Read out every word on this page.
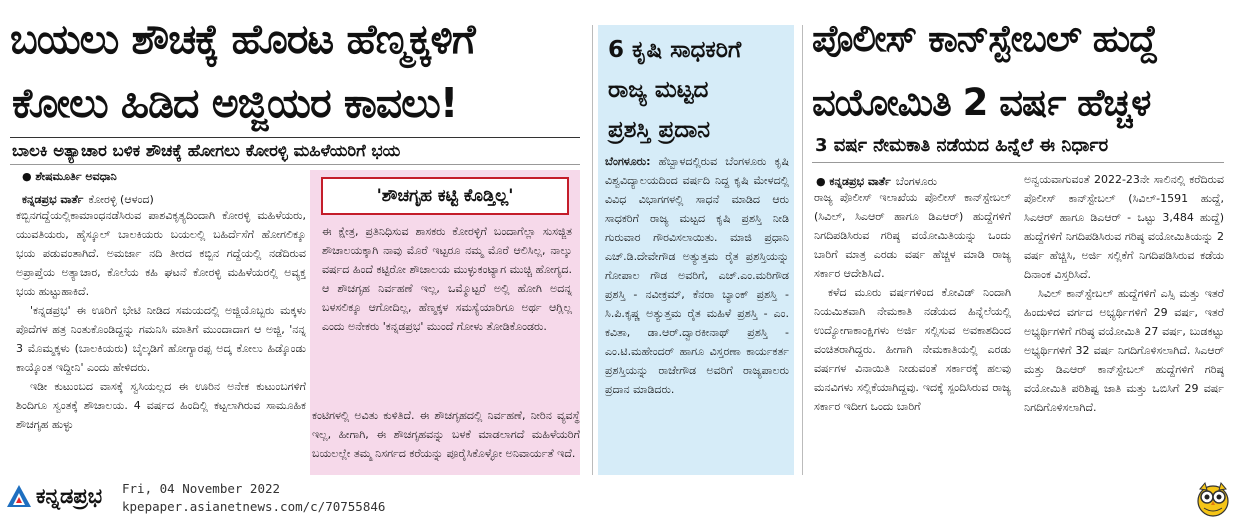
ಬಯಲು ಶೌಚಕ್ಕೆ ಹೊರಟ ಹೆಣ್ಮಕ್ಕಳಿಗೆ
ಕೋಲು ಹಿಡಿದ ಅಜ್ಜಿಯರ ಕಾವಲು!
ಬಾಲಕಿ ಅತ್ಯಾಚಾರ ಬಳಿಕ ಶೌಚಕ್ಕೆ ಹೋಗಲು ಕೋರಳ್ಳಿ ಮಹಿಳೆಯರಿಗೆ ಭಯ
● ಶೇಷಮೂರ್ತಿ ಅವಧಾನಿ
ಕನ್ನಡಪ್ರಭ ವಾರ್ತೆ ಕೋರಳ್ಳಿ (ಆಳಂದ)

ಕಬ್ಬಿನಗದ್ದೆಯಲ್ಲಿಕಾಮಾಂಧನಡೆಸಿರುವ ಪಾಶವಿಕೃತ್ಯದಿಂದಾಗಿ ಕೋರಳ್ಳಿ ಮಹಿಳೆಯರು, ಯುವತಿಯರು, ಹೈಸ್ಕೂಲ್ ಬಾಲಕಿಯರು ಬಯಲಲ್ಲಿ ಬಹಿರ್ದೆಸೆಗೆ ಹೋಗಲಿಕ್ಕೂ ಭಯ ಪಡುವಂತಾಗಿದೆ. ಅಮರ್ಜಾ ನದಿ ತೀರದ ಕಬ್ಬಿನ ಗದ್ದೆಯಲ್ಲಿ ನಡೆದಿರುವ ಅಪ್ರಾಪ್ತೆಯ ಅತ್ಯಾಚಾರ, ಕೊಲೆಯ ಕಹಿ ಘಟನೆ ಕೋರಳ್ಳಿ ಮಹಿಳೆಯರಲ್ಲಿ ಅವ್ಯಕ್ತ ಭಯ ಹುಟ್ಟುಹಾಕಿದೆ.

'ಕನ್ನಡಪ್ರಭ' ಈ ಊರಿಗೆ ಭೇಟಿ ನೀಡಿದ ಸಮಯದಲ್ಲಿ ಅಜ್ಜಿಯೊಬ್ಬರು ಮಕ್ಕಳು ಪೊದೆಗಳ ಹತ್ರ ನಿಂತುಕೊಂಡಿದ್ದನ್ನು ಗಮನಿಸಿ ಮಾತಿಗೆ ಮುಂದಾದಾಗ ಆ ಅಜ್ಜಿ, 'ನನ್ನ 3 ಮೊಮ್ಮಕ್ಕಳು (ಬಾಲಕಿಯರು) ಬೈಲ್ಕಡಿಗೆ ಹೋಗ್ಯಾರಪ್ಪ ಅದ್ಕ ಕೋಲು ಹಿಡ್ಕೊಂಡು ಕಾಯ್ಕೊಂತ ಇದ್ದೀನಿ' ಎಂದು ಹೇಳಿದರು.

ಇಡೀ ಕುಟುಂಬದ ವಾಸಕ್ಕೆ ಸ್ವಸಿಯಲ್ಲದ ಈ ಊರಿನ ಅನೇಕ ಕುಟುಂಬಗಳಿಗೆ ಶಿಂದಿಗೂ ಸ್ವಂತಕ್ಕೆ ಶೌಚಾಲಯ. 4 ವರ್ಷದ ಹಿಂದಿಲ್ಲಿ ಕಟ್ಟಲಾಗಿರುವ ಸಾಮೂಹಿಕ ಶೌಚಗೃಹ ಹುಳ್ಳು

'ಶೌಚಗೃಹ ಕಟ್ಟಿ ಕೊಡ್ತಿಲ್ಲ'

ಈ ಕ್ಷೇತ್ರ, ಪ್ರತಿನಿಧಿಸುವ ಶಾಸಕರು ಕೋರಳ್ಳಿಗೆ ಬಂದಾಗೆಲ್ಲಾ ಸುಸಜ್ಜಿತ ಶೌಚಾಲಯಕ್ಕಾಗಿ ನಾವು ಮೊರೆ ಇಟ್ಟರೂ ನಮ್ಮ ಮೊರೆ ಆಲಿಸಿಲ್ಲ, ನಾಲ್ಕು ವರ್ಷದ ಹಿಂದೆ ಕಟ್ಟಿರೋ ಶೌಚಾಲಯ ಮುಳ್ಳುಕಂಟ್ಯಾಗ ಮುಚ್ಚಿ ಹೋಗ್ಯದ. ಆ ಶೌಚಗೃಹ ನಿರ್ವಹಣೆ ಇಲ್ಲ, ಒಮ್ಮೊಟ್ಟರೆ ಅಲ್ಲಿ ಹೋಗಿ ಅದನ್ನ ಬಳಸಲಿಕ್ಕೂ ಆಗೋದಿಲ್ಲ, ಹೆಣ್ಮಕ್ಕಳ ಸಮಸ್ಯೆಯಾರಿಗೂ ಅರ್ಥ ಆಗ್ಲಿಲ್ಲ ಎಂದು ಅನೇಕರು 'ಕನ್ನಡಪ್ರಭ' ಮುಂದೆ ಗೋಳು ತೋಡಿಕೊಂಡರು.

ಕಂಟಿಗಳಲ್ಲಿ ಅವಿತು ಕುಳಿತಿದೆ. ಈ ಶೌಚಗೃಹದಲ್ಲಿ ನಿರ್ವಹಣೆ, ನೀರಿನ ವ್ಯವಸ್ಥೆ ಇಲ್ಲ, ಹೀಗಾಗಿ, ಈ ಶೌಚಗೃಹವನ್ನು ಬಳಕೆ ಮಾಡಲಾಗದೆ ಮಹಿಳೆಯರಿಗೆ ಬಯಲಲ್ಲೇ ತಮ್ಮ ನಿಸರ್ಗದ ಕರೆಯನ್ನು ಪೂರೈಸಿಕೊಳ್ಳೋ ಅನಿವಾರ್ಯತೆ ಇದೆ.

6 ಕೃಷಿ ಸಾಧಕರಿಗೆ
ರಾಜ್ಯ ಮಟ್ಟದ
ಪ್ರಶಸ್ತಿ ಪ್ರದಾನ

ಬೆಂಗಳೂರು: ಹೆಬ್ಬಾಳದಲ್ಲಿರುವ ಬೆಂಗಳೂರು ಕೃಷಿ ವಿಶ್ವವಿದ್ಯಾಲಯದಿಂದ ವರ್ಷದಿ ನಿದ್ದ ಕೃಷಿ ಮೇಳದಲ್ಲಿ ವಿವಿಧ ವಿಭಾಗಗಳಲ್ಲಿ ಸಾಧನೆ ಮಾಡಿದ ಆರು ಸಾಧಕರಿಗೆ ರಾಜ್ಯ ಮಟ್ಟದ ಕೃಷಿ ಪ್ರಶಸ್ತಿ ನೀಡಿ ಗುರುವಾರ ಗೌರವಿಸಲಾಯಿತು. ಮಾಜಿ ಪ್ರಧಾನಿ ಎಚ್.ಡಿ.ದೇವೇಗೌಡ ಅತ್ಯುತ್ತಮ ರೈತ ಪ್ರಶಸ್ತಿಯನ್ನು ಗೋಪಾಲ ಗೌಡ ಅವರಿಗೆ, ಎಚ್.ಎಂ.ಮರಿಗೌಡ ಪ್ರಶಸ್ತಿ - ನವೀಕ್ರಮ್, ಕೆನರಾ ಬ್ಯಾಂಕ್ ಪ್ರಶಸ್ತಿ - ಸಿ.ಪಿ.ಕೃಷ್ಣ ಅತ್ಯುತ್ತಮ ರೈತ ಮಹಿಳೆ ಪ್ರಶಸ್ತಿ - ಎಂ. ಕವಿತಾ, ಡಾ.ಆರ್.ದ್ವಾರಕೀನಾಥ್ ಪ್ರಶಸ್ತಿ - ಎಂ.ಟಿ.ಮಹೇಂದರ್ ಹಾಗೂ ವಿಸ್ತರಣಾ ಕಾರ್ಯಕರ್ತ ಪ್ರಶಸ್ತಿಯನ್ನು ರಾಜೇಗೌಡ ಅವರಿಗೆ ರಾಜ್ಯಪಾಲರು ಪ್ರದಾನ ಮಾಡಿದರು.

ಪೊಲೀಸ್ ಕಾನ್‌ಸ್ಟೇಬಲ್ ಹುದ್ದೆ
ವಯೋಮಿತಿ 2 ವರ್ಷ ಹೆಚ್ಚಳ
3 ವರ್ಷ ನೇಮಕಾತಿ ನಡೆಯದ ಹಿನ್ನೆಲೆ ಈ ನಿರ್ಧಾರ
● ಕನ್ನಡಪ್ರಭ ವಾರ್ತೆ ಬೆಂಗಳೂರು

ರಾಜ್ಯ ಪೊಲೀಸ್ ಇಲಾಖೆಯ ಪೊಲೀಸ್ ಕಾನ್‌ಸ್ಟೇಬಲ್ (ಸಿವಿಲ್, ಸಿಎಆರ್ ಹಾಗೂ ಡಿಎಆರ್) ಹುದ್ದೆಗಳಿಗೆ ನಿಗದಿಪಡಿಸಿರುವ ಗರಿಷ್ಠ ವಯೋಮಿತಿಯನ್ನು ಒಂದು ಬಾರಿಗೆ ಮಾತ್ರ ಎರಡು ವರ್ಷ ಹೆಚ್ಚಳ ಮಾಡಿ ರಾಜ್ಯ ಸರ್ಕಾರ ಆದೇಶಿಸಿದೆ.

ಕಳೆದ ಮೂರು ವರ್ಷಗಳಿಂದ ಕೋವಿಡ್ ನಿಂದಾಗಿ ನಿಯಮಿತವಾಗಿ ನೇಮಕಾತಿ ನಡೆಯದ ಹಿನ್ನೆಲೆಯಲ್ಲಿ ಉದ್ಯೋಗಾಕಾಂಕ್ಷಿಗಳು ಅರ್ಜಿ ಸಲ್ಲಿಸುವ ಅವಕಾಶದಿಂದ ವಂಚಿತರಾಗಿದ್ದರು. ಹೀಗಾಗಿ ನೇಮಕಾತಿಯಲ್ಲಿ ಎರಡು ವರ್ಷಗಳ ವಿನಾಯಿತಿ ನೀಡುವಂತೆ ಸರ್ಕಾರಕ್ಕೆ ಹಲವು ಮನವಿಗಳು ಸಲ್ಲಿಕೆಯಾಗಿದ್ದವು. ಇದಕ್ಕೆ ಸ್ಪಂದಿಸಿರುವ ರಾಜ್ಯ ಸರ್ಕಾರ ಇದೀಗ ಒಂದು ಬಾರಿಗೆ

ಅನ್ವಯವಾಗುವಂತೆ 2022-23ನೇ ಸಾಲಿನಲ್ಲಿ ಕರೆದಿರುವ ಪೊಲೀಸ್ ಕಾನ್‌ಸ್ಟೇಬಲ್ (ಸಿವಿಲ್-1591 ಹುದ್ದೆ, ಸಿಎಆರ್ ಹಾಗೂ ಡಿಎಆರ್ - ಒಟ್ಟು 3,484 ಹುದ್ದೆ) ಹುದ್ದೆಗಳಿಗೆ ನಿಗದಿಪಡಿಸಿರುವ ಗರಿಷ್ಠ ವಯೋಮಿತಿಯನ್ನು 2 ವರ್ಷ ಹೆಚ್ಚಿಸಿ, ಅರ್ಜಿ ಸಲ್ಲಿಕೆಗೆ ನಿಗದಿಪಡಿಸಿರುವ ಕಡೆಯ ದಿನಾಂಕ ವಿಸ್ತರಿಸಿದೆ.

ಸಿವಿಲ್ ಕಾನ್‌ಸ್ಟೇಬಲ್ ಹುದ್ದೆಗಳಿಗೆ ಎಸ್ಸಿ ಮತ್ತು ಇತರೆ ಹಿಂದುಳಿದ ವರ್ಗದ ಅಭ್ಯರ್ಥಿಗಳಿಗೆ 29 ವರ್ಷ, ಇತರೆ ಅಭ್ಯರ್ಥಿಗಳಿಗೆ ಗರಿಷ್ಠ ವಯೋಮಿತಿ 27 ವರ್ಷ, ಬುಡಕಟ್ಟು ಅಭ್ಯರ್ಥಿಗಳಿಗೆ 32 ವರ್ಷ ನಿಗದಿಗೊಳಿಸಲಾಗಿದೆ. ಸಿಎಆರ್ ಮತ್ತು ಡಿಎಆರ್ ಕಾನ್‌ಸ್ಟೇಬಲ್ ಹುದ್ದೆಗಳಿಗೆ ಗರಿಷ್ಠ ವಯೋಮಿತಿ ಪರಿಶಿಷ್ಟ ಜಾತಿ ಮತ್ತು ಒಬಿಸಿಗೆ 29 ವರ್ಷ ನಿಗದಿಗೊಳಿಸಲಾಗಿದೆ.

ಕನ್ನಡಪ್ರಭ Fri, 04 November 2022
kpepaper.asianetnews.com/c/70755846
